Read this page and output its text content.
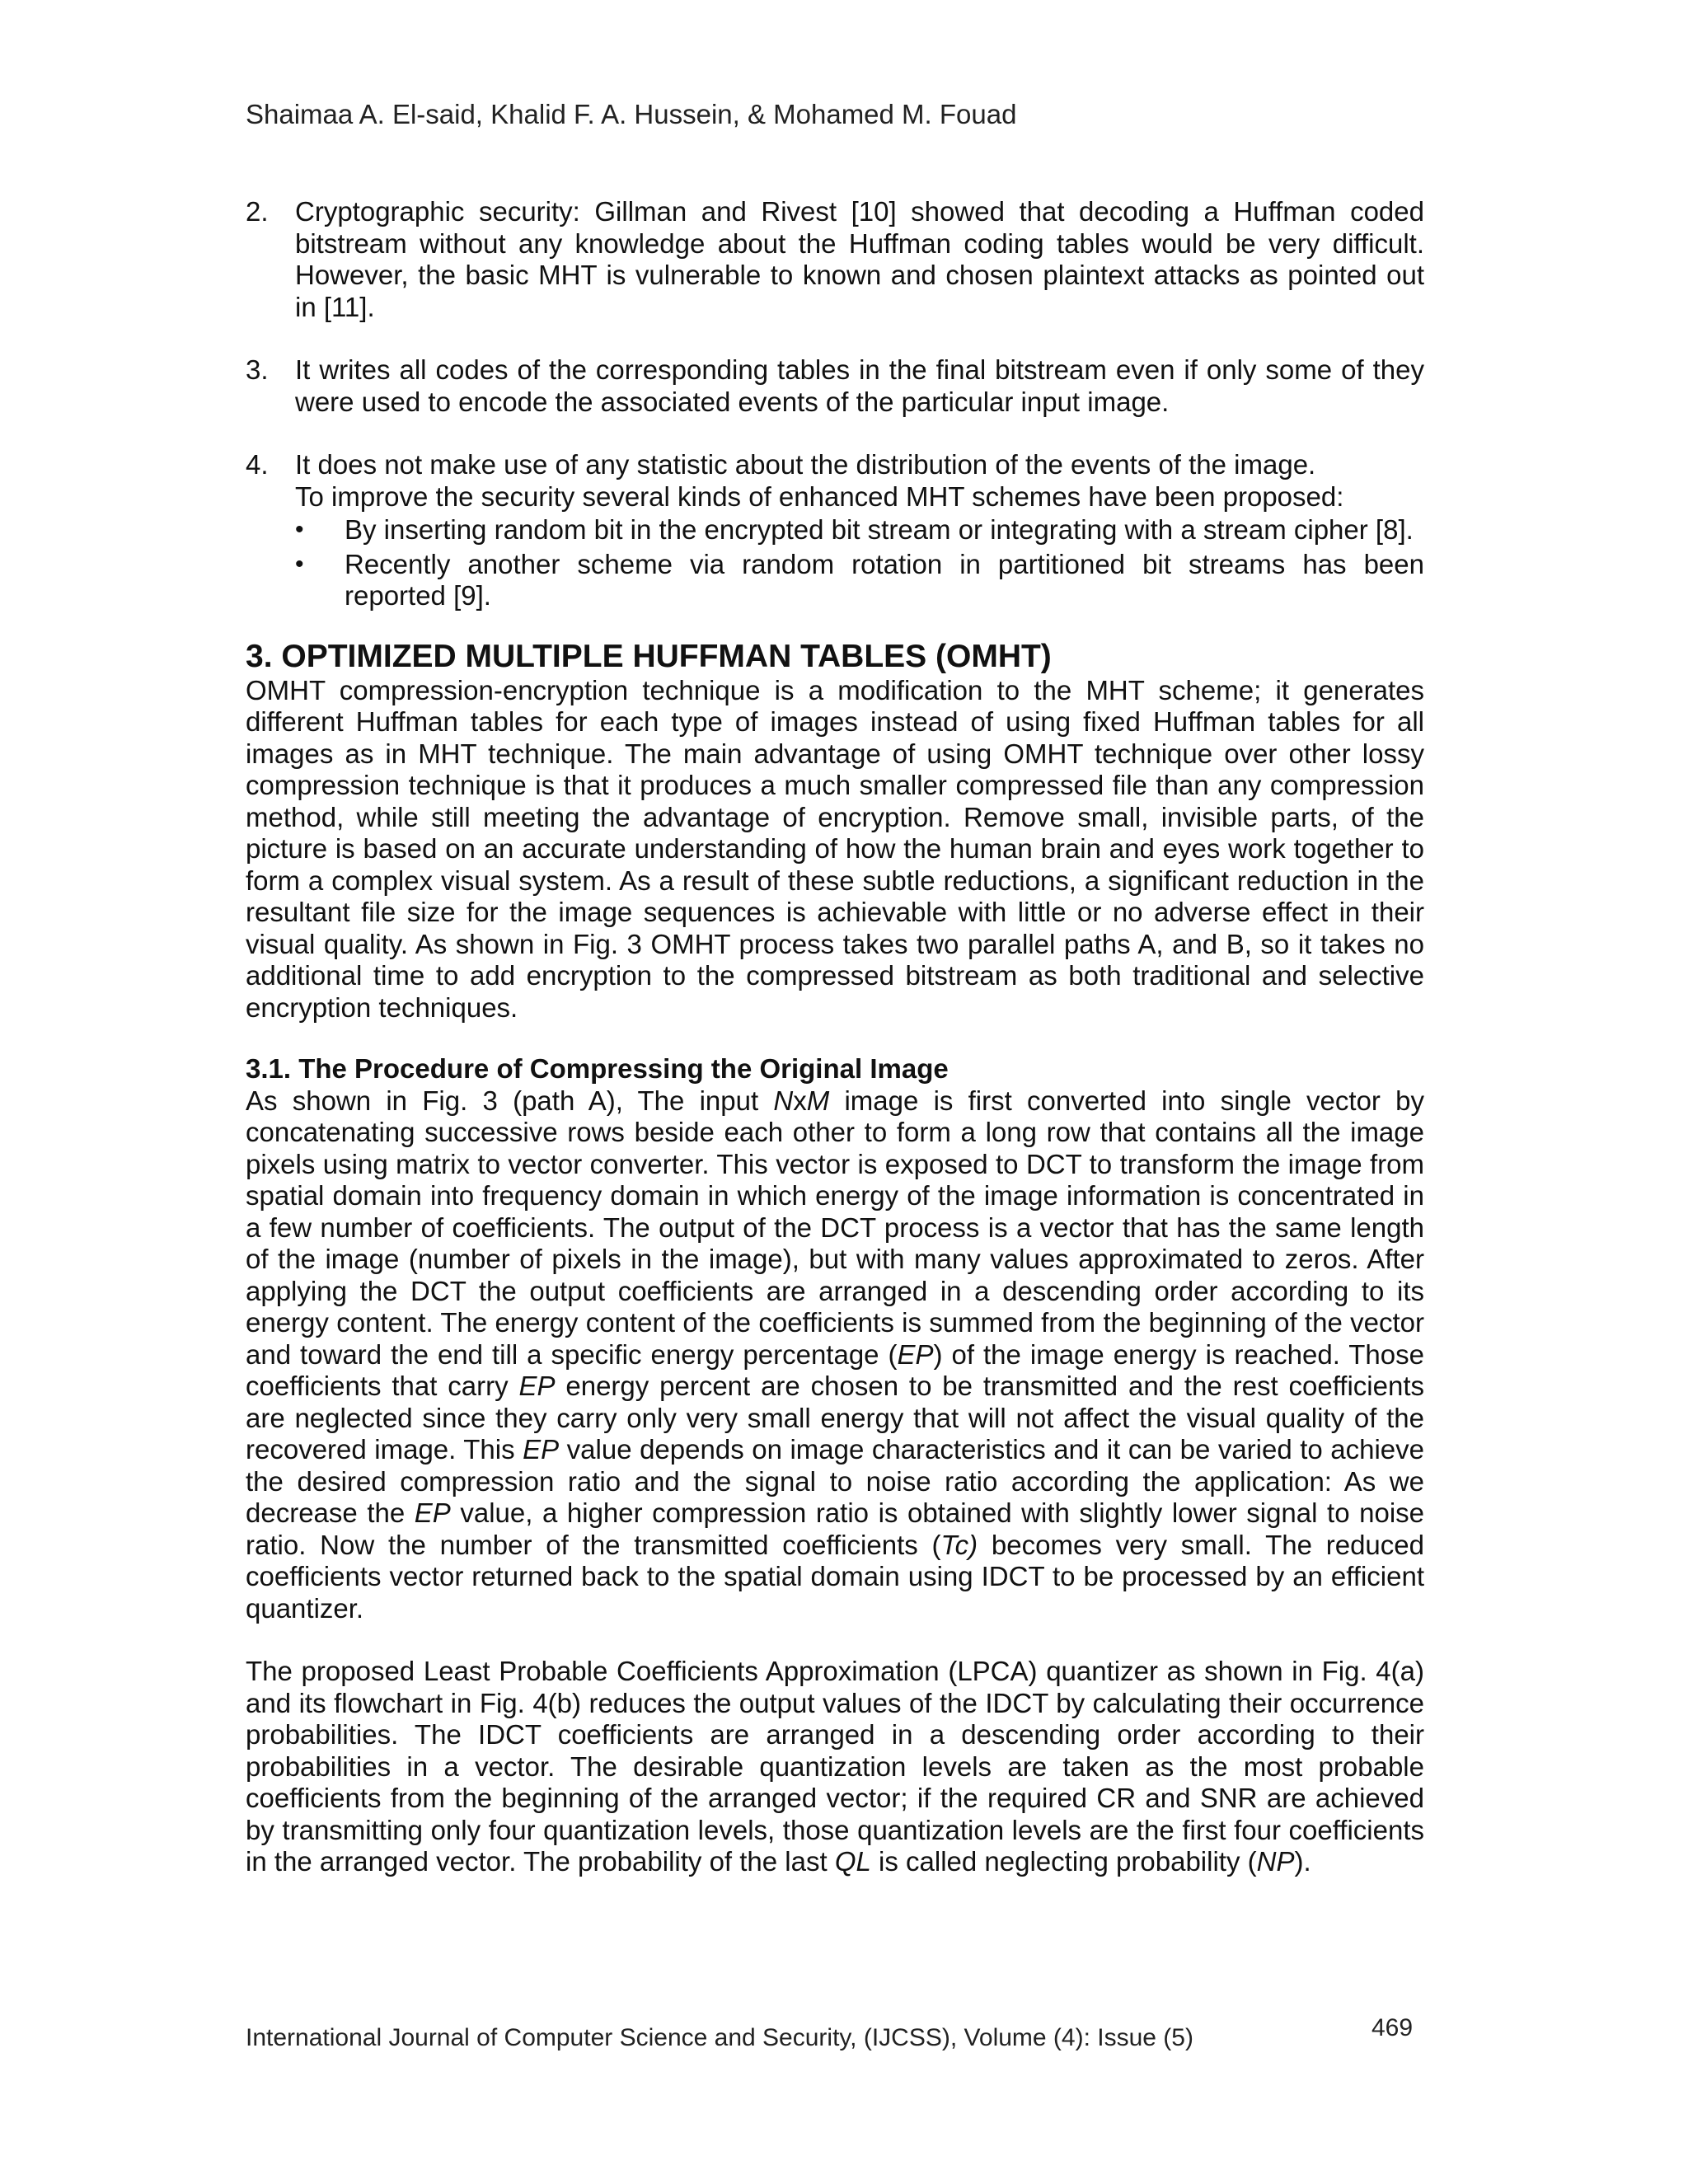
Shaimaa A. El-said, Khalid F. A. Hussein, & Mohamed M. Fouad
2. Cryptographic security: Gillman and Rivest [10] showed that decoding a Huffman coded bitstream without any knowledge about the Huffman coding tables would be very difficult. However, the basic MHT is vulnerable to known and chosen plaintext attacks as pointed out in [11].
3. It writes all codes of the corresponding tables in the final bitstream even if only some of they were used to encode the associated events of the particular input image.
4. It does not make use of any statistic about the distribution of the events of the image.
To improve the security several kinds of enhanced MHT schemes have been proposed:
•	By inserting random bit in the encrypted bit stream or integrating with a stream cipher [8].
•	Recently another scheme via random rotation in partitioned bit streams has been reported [9].
3. OPTIMIZED MULTIPLE HUFFMAN TABLES (OMHT)
OMHT compression-encryption technique is a modification to the MHT scheme; it generates different Huffman tables for each type of images instead of using fixed Huffman tables for all images as in MHT technique. The main advantage of using OMHT technique over other lossy compression technique is that it produces a much smaller compressed file than any compression method, while still meeting the advantage of encryption. Remove small, invisible parts, of the picture is based on an accurate understanding of how the human brain and eyes work together to form a complex visual system. As a result of these subtle reductions, a significant reduction in the resultant file size for the image sequences is achievable with little or no adverse effect in their visual quality. As shown in Fig. 3 OMHT process takes two parallel paths A, and B, so it takes no additional time to add encryption to the compressed bitstream as both traditional and selective encryption techniques.
3.1. The Procedure of Compressing the Original Image
As shown in Fig. 3 (path A), The input NxM image is first converted into single vector by concatenating successive rows beside each other to form a long row that contains all the image pixels using matrix to vector converter. This vector is exposed to DCT to transform the image from spatial domain into frequency domain in which energy of the image information is concentrated in a few number of coefficients. The output of the DCT process is a vector that has the same length of the image (number of pixels in the image), but with many values approximated to zeros. After applying the DCT the output coefficients are arranged in a descending order according to its energy content. The energy content of the coefficients is summed from the beginning of the vector and toward the end till a specific energy percentage (EP) of the image energy is reached. Those coefficients that carry EP energy percent are chosen to be transmitted and the rest coefficients are neglected since they carry only very small energy that will not affect the visual quality of the recovered image. This EP value depends on image characteristics and it can be varied to achieve the desired compression ratio and the signal to noise ratio according the application: As we decrease the EP value, a higher compression ratio is obtained with slightly lower signal to noise ratio. Now the number of the transmitted coefficients (Tc) becomes very small. The reduced coefficients vector returned back to the spatial domain using IDCT to be processed by an efficient quantizer.
The proposed Least Probable Coefficients Approximation (LPCA) quantizer as shown in Fig. 4(a) and its flowchart in Fig. 4(b) reduces the output values of the IDCT by calculating their occurrence probabilities. The IDCT coefficients are arranged in a descending order according to their probabilities in a vector. The desirable quantization levels are taken as the most probable coefficients from the beginning of the arranged vector; if the required CR and SNR are achieved by transmitting only four quantization levels, those quantization levels are the first four coefficients in the arranged vector. The probability of the last QL is called neglecting probability (NP).
International Journal of Computer Science and Security, (IJCSS), Volume (4): Issue (5)	469
